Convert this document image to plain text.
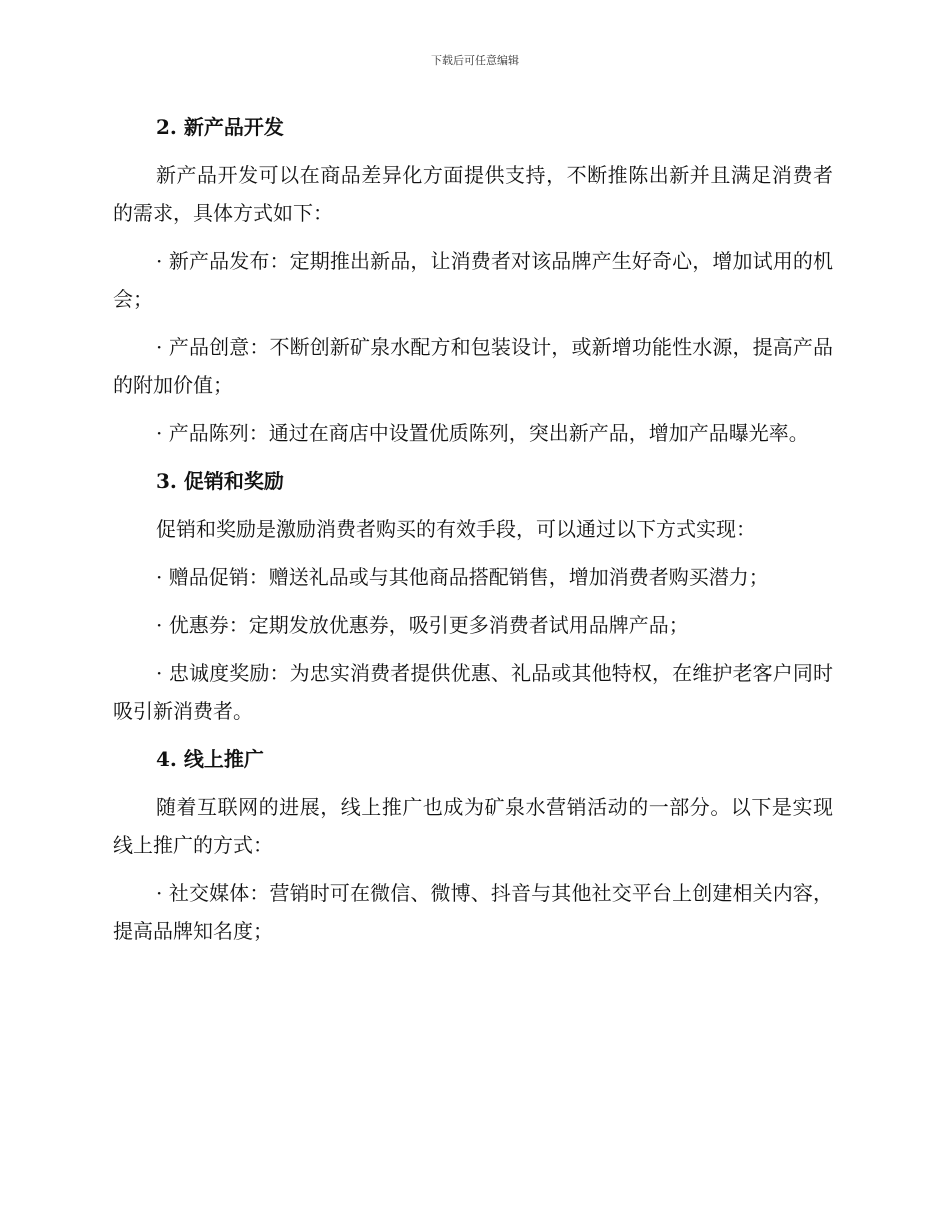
下载后可任意编辑
2. 新产品开发
新产品开发可以在商品差异化方面提供支持，不断推陈出新并且满足消费者的需求，具体方式如下：
· 新产品发布：定期推出新品，让消费者对该品牌产生好奇心，增加试用的机会；
· 产品创意：不断创新矿泉水配方和包装设计，或新增功能性水源，提高产品的附加价值；
· 产品陈列：通过在商店中设置优质陈列，突出新产品，增加产品曝光率。
3. 促销和奖励
促销和奖励是激励消费者购买的有效手段，可以通过以下方式实现：
· 赠品促销：赠送礼品或与其他商品搭配销售，增加消费者购买潜力；
· 优惠券：定期发放优惠券，吸引更多消费者试用品牌产品；
· 忠诚度奖励：为忠实消费者提供优惠、礼品或其他特权，在维护老客户同时吸引新消费者。
4. 线上推广
随着互联网的进展，线上推广也成为矿泉水营销活动的一部分。以下是实现线上推广的方式：
· 社交媒体：营销时可在微信、微博、抖音与其他社交平台上创建相关内容，提高品牌知名度；
